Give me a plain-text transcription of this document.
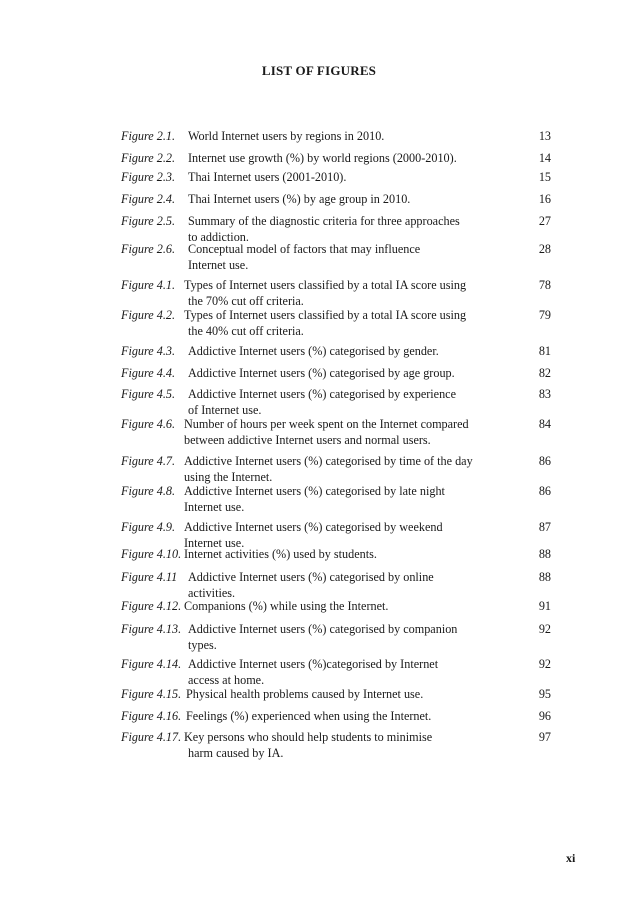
LIST OF FIGURES
Figure 2.1. World Internet users by regions in 2010.	13
Figure 2.2. Internet use growth (%) by world regions (2000-2010).	14
Figure 2.3. Thai Internet users (2001-2010).	15
Figure 2.4. Thai Internet users (%) by age group in 2010.	16
Figure 2.5. Summary of the diagnostic criteria for three approaches
to addiction.
27
Figure 2.6. Conceptual model of factors that may influence
Internet use.
28
Figure 4.1. Types of Internet users classified by a total IA score using
the 70% cut off criteria.
78
Figure 4.2. Types of Internet users classified by a total IA score using
the 40% cut off criteria.
79
Figure 4.3. Addictive Internet users (%) categorised by gender.	81
Figure 4.4. Addictive Internet users (%) categorised by age group.	82
Figure 4.5. Addictive Internet users (%) categorised by experience
of Internet use.
83
Figure 4.6. Number of hours per week spent on the Internet compared
between addictive Internet users and normal users.
84
Figure 4.7. Addictive Internet users (%) categorised by time of the day
using the Internet.
86
Figure 4.8. Addictive Internet users (%) categorised by late night
Internet use.
86
Figure 4.9. Addictive Internet users (%) categorised by weekend
Internet use.
87
Figure 4.10. Internet activities (%) used by students.	88
Figure 4.11 Addictive Internet users (%) categorised by online
activities.
88
Figure 4.12. Companions (%) while using the Internet.	91
Figure 4.13. Addictive Internet users (%) categorised by companion
types.
92
Figure 4.14. Addictive Internet users (%)categorised by Internet
access at home.
92
Figure 4.15. Physical health problems caused by Internet use.	95
Figure 4.16. Feelings (%) experienced when using the Internet.	96
Figure 4.17. Key persons who should help students to minimise
harm caused by IA.
97
xi
